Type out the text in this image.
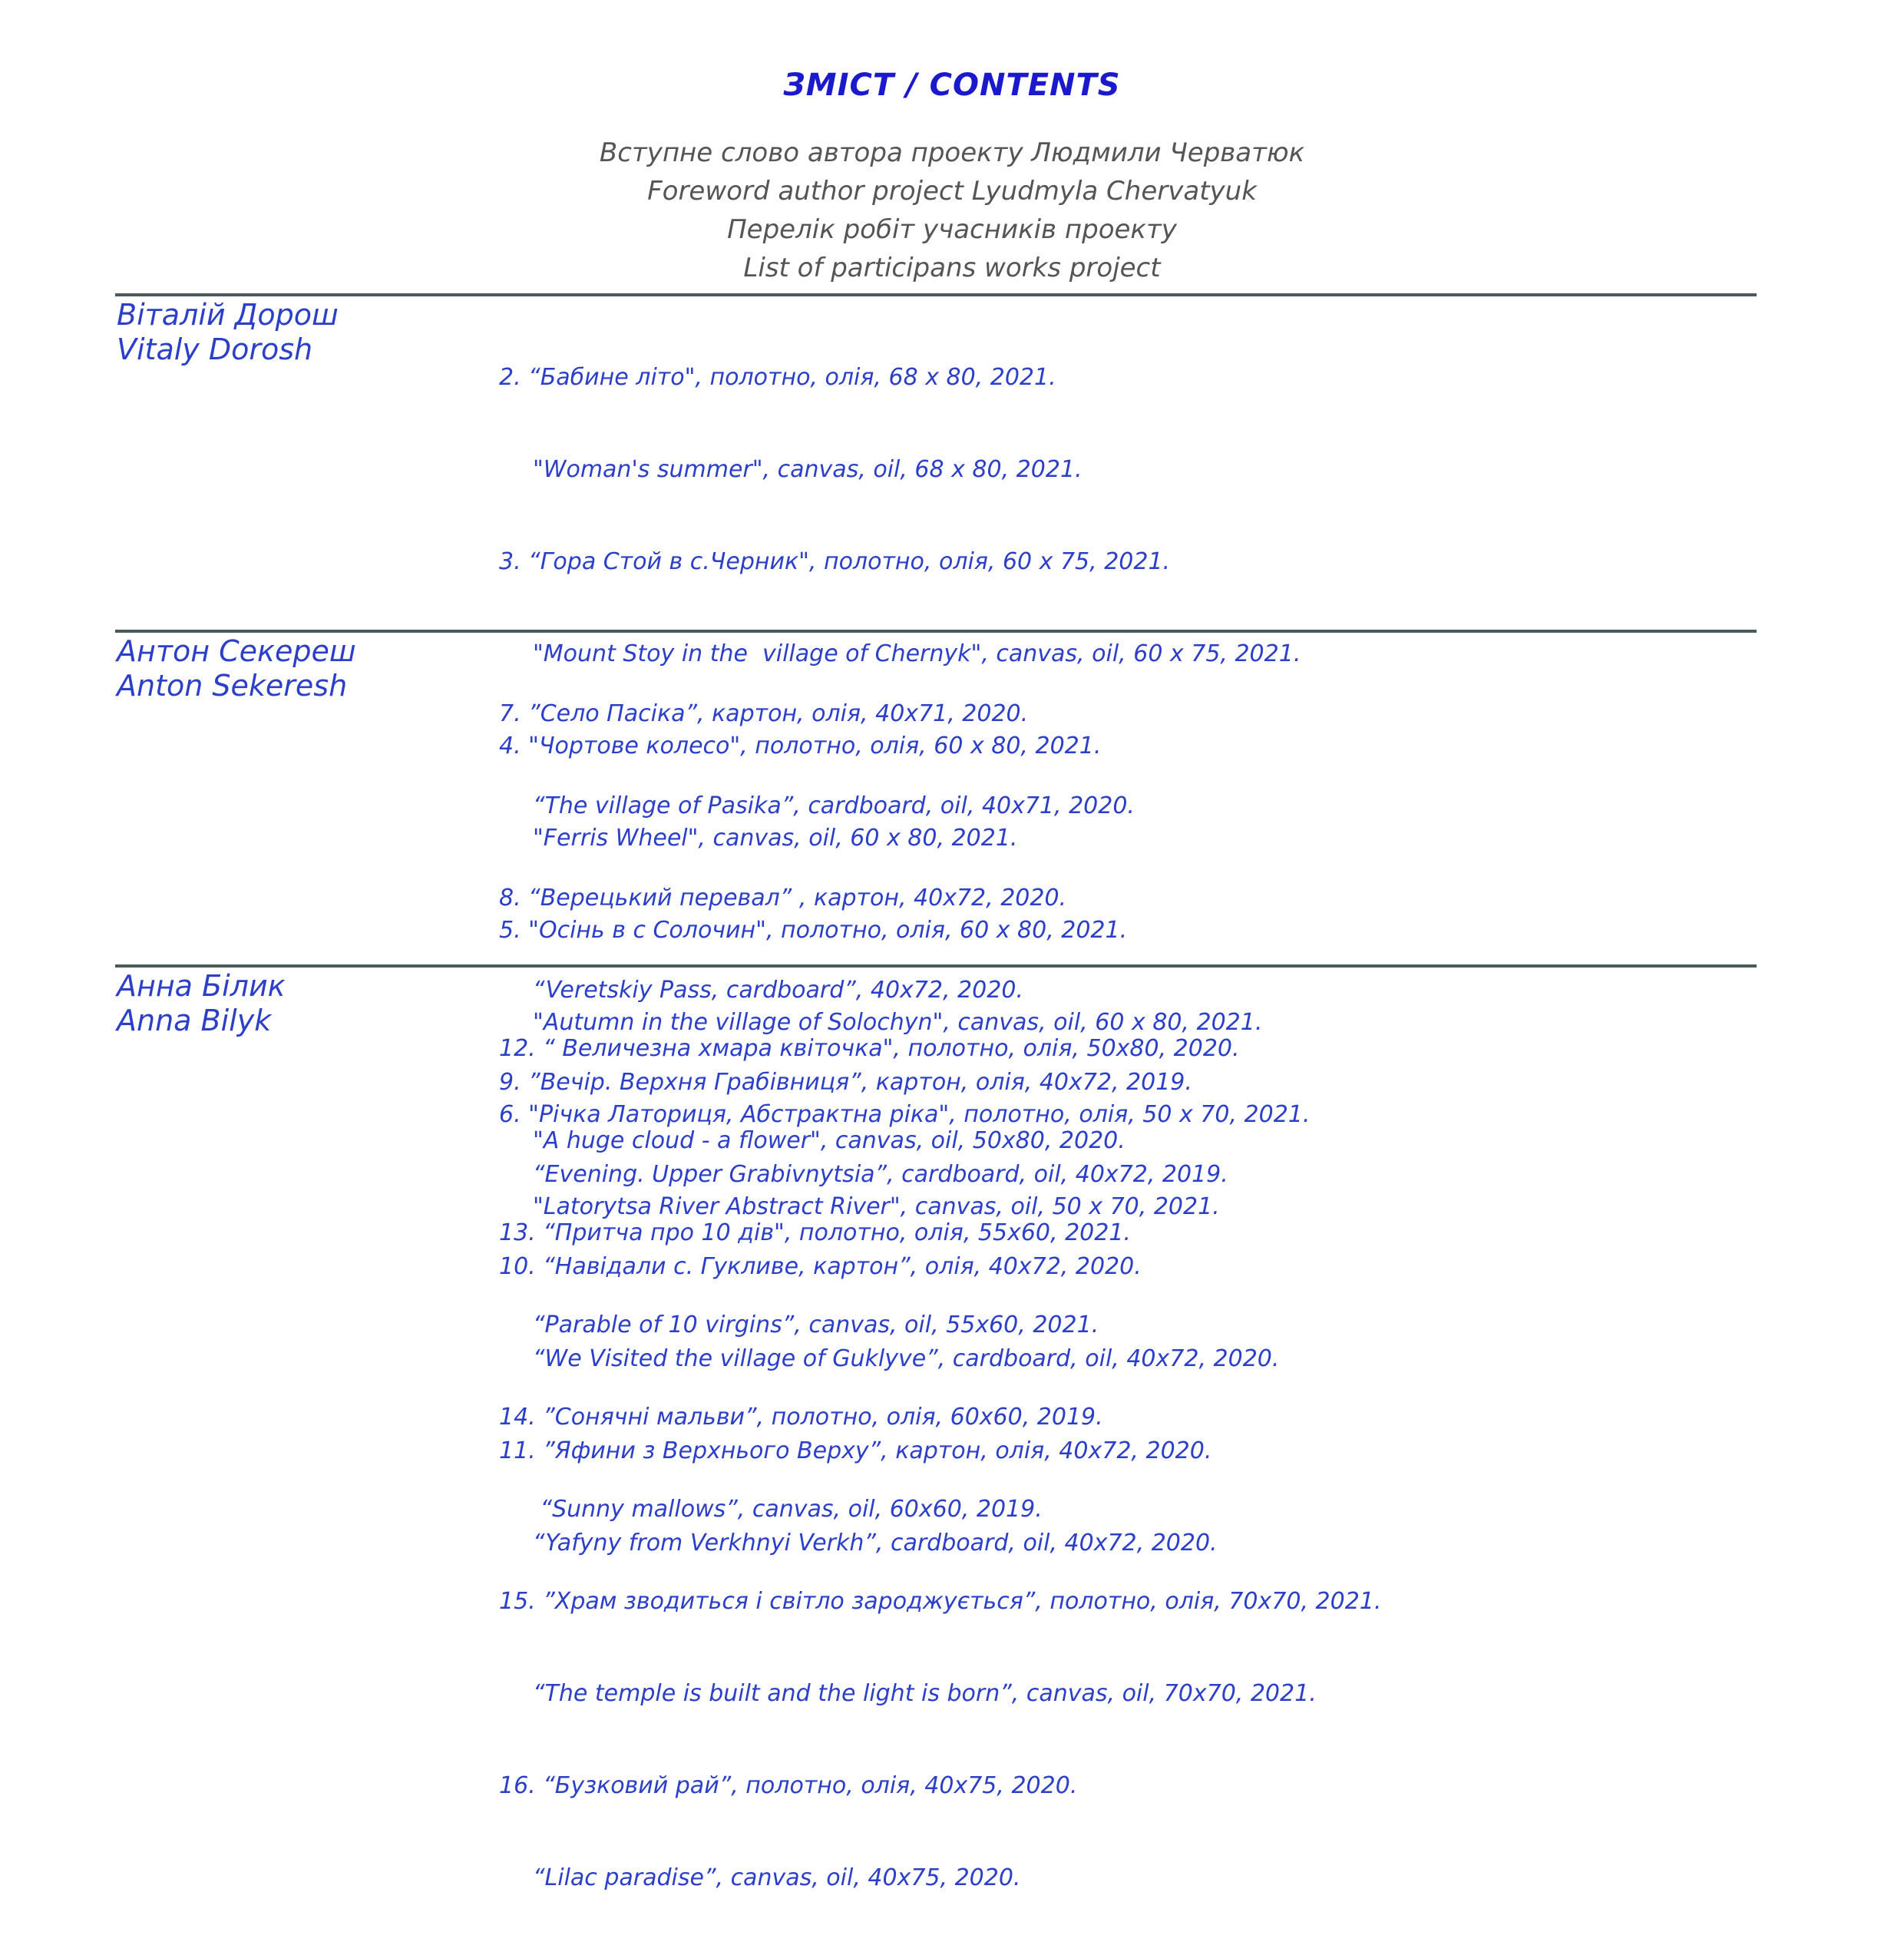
ЗМІСТ / CONTENTS
Вступне слово автора проекту Людмили Черватюк
Foreword author project Lyudmyla Chervatyuk
Перелік робіт учасників проекту
List of participans works project
Віталій Дорош
Vitaly Dorosh

2. “Бабине літо", полотно, олія, 68 х 80, 2021.

"Woman's summer", canvas, oil, 68 x 80, 2021.

3. “Гора Стой в с.Черник", полотно, олія, 60 х 75, 2021.

"Mount Stoy in the  village of Chernyk", canvas, oil, 60 x 75, 2021.

4. "Чортове колесо", полотно, олія, 60 х 80, 2021.

"Ferris Wheel", canvas, oil, 60 x 80, 2021.

5. "Осінь в с Солочин", полотно, олія, 60 х 80, 2021.

"Autumn in the village of Solochyn", canvas, oil, 60 x 80, 2021.

6. "Річка Латориця, Абстрактна ріка", полотно, олія, 50 х 70, 2021.

"Latorytsa River Abstract River", canvas, oil, 50 x 70, 2021.

Антон Секереш
Anton Sekeresh

7. ”Село Пасіка”, картон, олія, 40х71, 2020.

“The village of Pasika”, cardboard, oil, 40x71, 2020.

8. “Верецький перевал” , картон, 40х72, 2020.

“Veretskiy Pass, cardboard”, 40x72, 2020.

9. ”Вечір. Верхня Грабівниця”, картон, олія, 40х72, 2019.

“Evening. Upper Grabivnytsia”, cardboard, oil, 40x72, 2019.

10. “Навідали с. Гукливе, картон”, олія, 40х72, 2020.

“We Visited the village of Guklyve”, cardboard, oil, 40x72, 2020.

11. ”Яфини з Верхнього Верху”, картон, олія, 40х72, 2020.

“Yafyny from Verkhnyi Verkh”, cardboard, oil, 40x72, 2020.

Анна Білик
Anna Bilyk

12. “ Величезна хмара квіточка", полотно, олія, 50х80, 2020.

"A huge cloud - a flower", canvas, oil, 50x80, 2020.

13. “Притча про 10 дів", полотно, олія, 55х60, 2021.

“Parable of 10 virgins”, canvas, oil, 55x60, 2021.

14. ”Сонячні мальви”, полотно, олія, 60х60, 2019.

“Sunny mallows”, canvas, oil, 60x60, 2019.

15. ”Храм зводиться і світло зароджується”, полотно, олія, 70х70, 2021.

“The temple is built and the light is born”, canvas, oil, 70x70, 2021.

16. “Бузковий рай”, полотно, олія, 40х75, 2020.

“Lilac paradise”, canvas, oil, 40x75, 2020.
